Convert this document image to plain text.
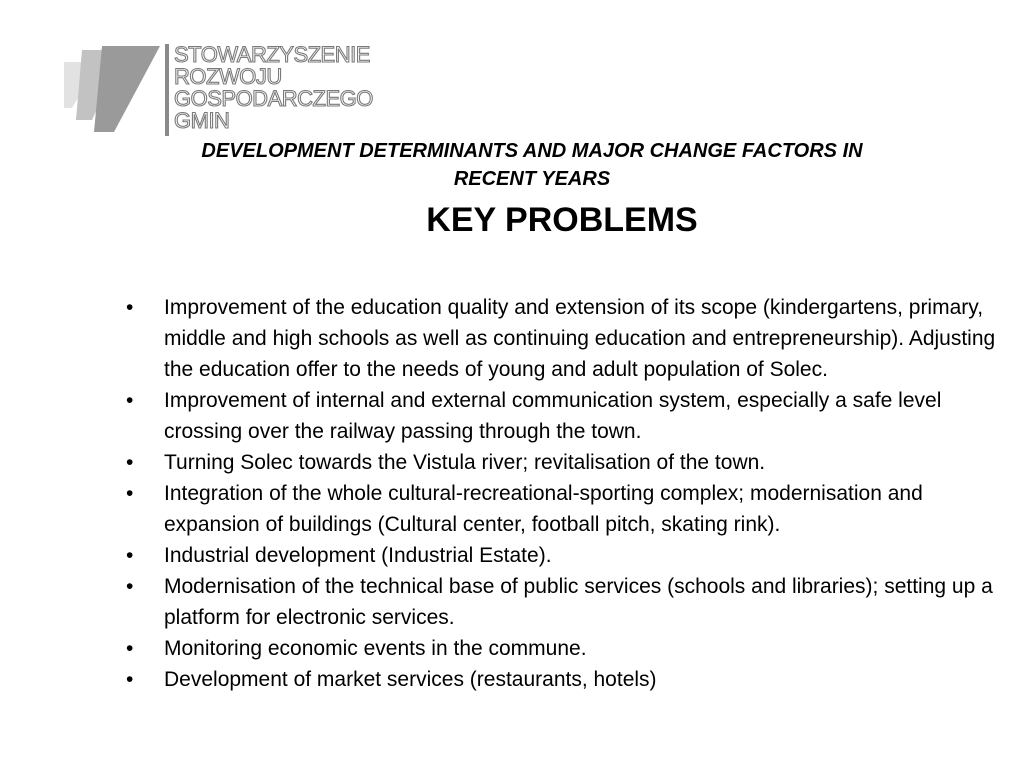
STOWARZYSZENIE
ROZWOJU
GOSPODARCZEGO
GMIN
DEVELOPMENT DETERMINANTS AND MAJOR CHANGE FACTORS IN
RECENT YEARS
KEY PROBLEMS
• Improvement of the education quality and extension of its scope (kindergartens, primary, middle and high schools as well as continuing education and entrepreneurship). Adjusting the education offer to the needs of young and adult population of Solec.
• Improvement of internal and external communication system, especially a safe level crossing over the railway passing through the town.
• Turning Solec towards the Vistula river; revitalisation of the town.
• Integration of the whole cultural-recreational-sporting complex; modernisation and expansion of buildings (Cultural center, football pitch, skating rink).
• Industrial development (Industrial Estate).
• Modernisation of the technical base of public services (schools and libraries); setting up a platform for electronic services.
• Monitoring economic events in the commune.
• Development of market services (restaurants, hotels)
